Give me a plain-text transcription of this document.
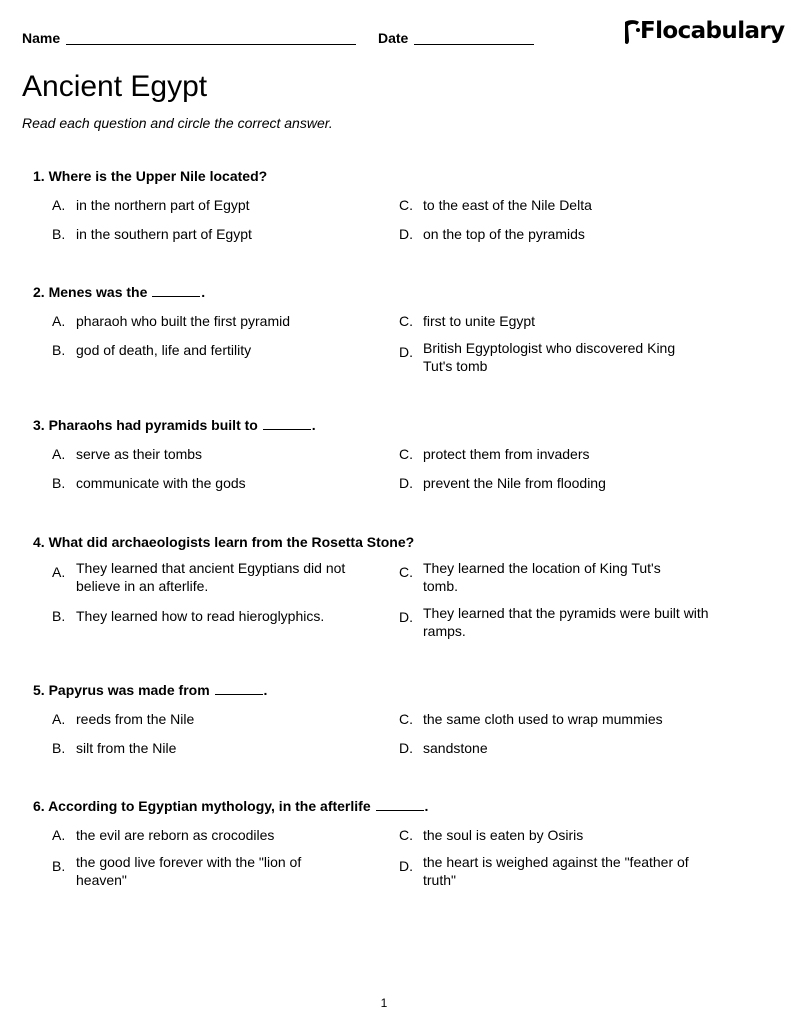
Name	Date	Flocabulary
Ancient Egypt
Read each question and circle the correct answer.
1. Where is the Upper Nile located?
A. in the northern part of Egypt
B. in the southern part of Egypt
C. to the east of the Nile Delta
D. on the top of the pyramids
2. Menes was the	.
A. pharaoh who built the first pyramid
B. god of death, life and fertility
C. first to unite Egypt
D. British Egyptologist who discovered King Tut's tomb
3. Pharaohs had pyramids built to	.
A. serve as their tombs
B. communicate with the gods
C. protect them from invaders
D. prevent the Nile from flooding
4. What did archaeologists learn from the Rosetta Stone?
A. They learned that ancient Egyptians did not believe in an afterlife.
B. They learned how to read hieroglyphics.
C. They learned the location of King Tut's tomb.
D. They learned that the pyramids were built with ramps.
5. Papyrus was made from	.
A. reeds from the Nile
B. silt from the Nile
C. the same cloth used to wrap mummies
D. sandstone
6. According to Egyptian mythology, in the afterlife	.
A. the evil are reborn as crocodiles
B. the good live forever with the "lion of heaven"
C. the soul is eaten by Osiris
D. the heart is weighed against the "feather of truth"
1
